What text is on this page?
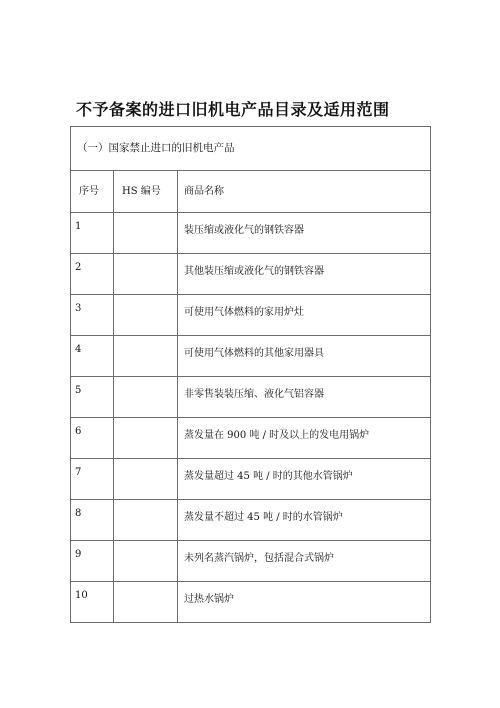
不予备案的进口旧机电产品目录及适用范围
（一）国家禁止进口的旧机电产品		
序号	HS 编号	商品名称
1		装压缩或液化气的钢铁容器
2		其他装压缩或液化气的钢铁容器
3		可使用气体燃料的家用炉灶
4		可使用气体燃料的其他家用器具
5		非零售装装压缩、液化气铝容器
6		蒸发量在 900 吨 / 时及以上的发电用锅炉
7		蒸发量超过 45 吨 / 时的其他水管锅炉
8		蒸发量不超过 45 吨 / 时的水管锅炉
9		未列名蒸汽锅炉，包括混合式锅炉
10		过热水锅炉
